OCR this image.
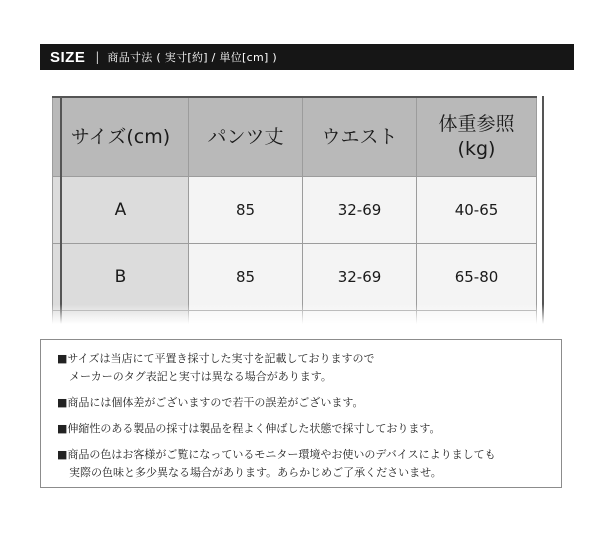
SIZE | 商品寸法 ( 実寸[約] / 単位[cm] )
サイズ(cm)	パンツ丈	ウエスト	体重参照
(kg)
A	85	32-69	40-65
B	85	32-69	65-80

■サイズは当店にて平置き採寸した実寸を記載しておりますので

メーカーのタグ表記と実寸は異なる場合があります。

■商品には個体差がございますので若干の誤差がございます。

■伸縮性のある製品の採寸は製品を程よく伸ばした状態で採寸しております。

■商品の色はお客様がご覧になっているモニター環境やお使いのデバイスによりましても

実際の色味と多少異なる場合があります。あらかじめご了承くださいませ。
